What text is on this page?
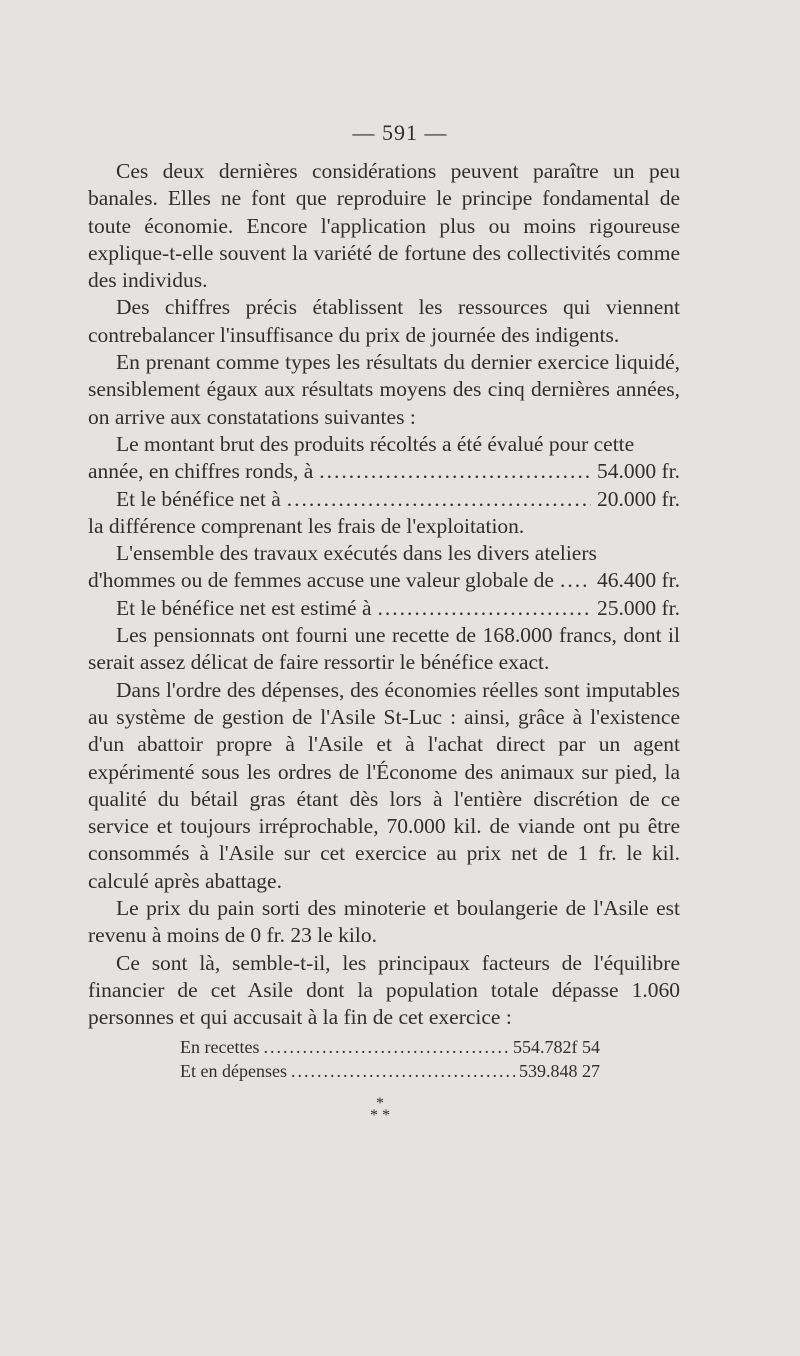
— 591 —

Ces deux dernières considérations peuvent paraître un peu banales. Elles ne font que reproduire le principe fondamental de toute économie. Encore l'application plus ou moins rigoureuse explique-t-elle souvent la variété de fortune des collectivités comme des individus.

Des chiffres précis établissent les ressources qui viennent contrebalancer l'insuffisance du prix de journée des indigents.

En prenant comme types les résultats du dernier exercice liquidé, sensiblement égaux aux résultats moyens des cinq dernières années, on arrive aux constatations suivantes :

Le montant brut des produits récoltés a été évalué pour cette

année, en chiffres ronds, à .....	54.000 fr.
Et le bénéfice net à .....	20.000 fr.

la différence comprenant les frais de l'exploitation.

L'ensemble des travaux exécutés dans les divers ateliers

d'hommes ou de femmes accuse une valeur globale de ..... 46.400 fr.
Et le bénéfice net est estimé à .....	25.000 fr.

Les pensionnats ont fourni une recette de 168.000 francs, dont il serait assez délicat de faire ressortir le bénéfice exact.

Dans l'ordre des dépenses, des économies réelles sont imputables au système de gestion de l'Asile St-Luc : ainsi, grâce à l'existence d'un abattoir propre à l'Asile et à l'achat direct par un agent expérimenté sous les ordres de l'Économe des animaux sur pied, la qualité du bétail gras étant dès lors à l'entière discrétion de ce service et toujours irréprochable, 70.000 kil. de viande ont pu être consommés à l'Asile sur cet exercice au prix net de 1 fr. le kil. calculé après abattage.

Le prix du pain sorti des minoterie et boulangerie de l'Asile est revenu à moins de 0 fr. 23 le kilo.

Ce sont là, semble-t-il, les principaux facteurs de l'équilibre financier de cet Asile dont la population totale dépasse 1.060 personnes et qui accusait à la fin de cet exercice :

En recettes .....	554.782f 54
Et en dépenses .....	539.848 27
*
* *
